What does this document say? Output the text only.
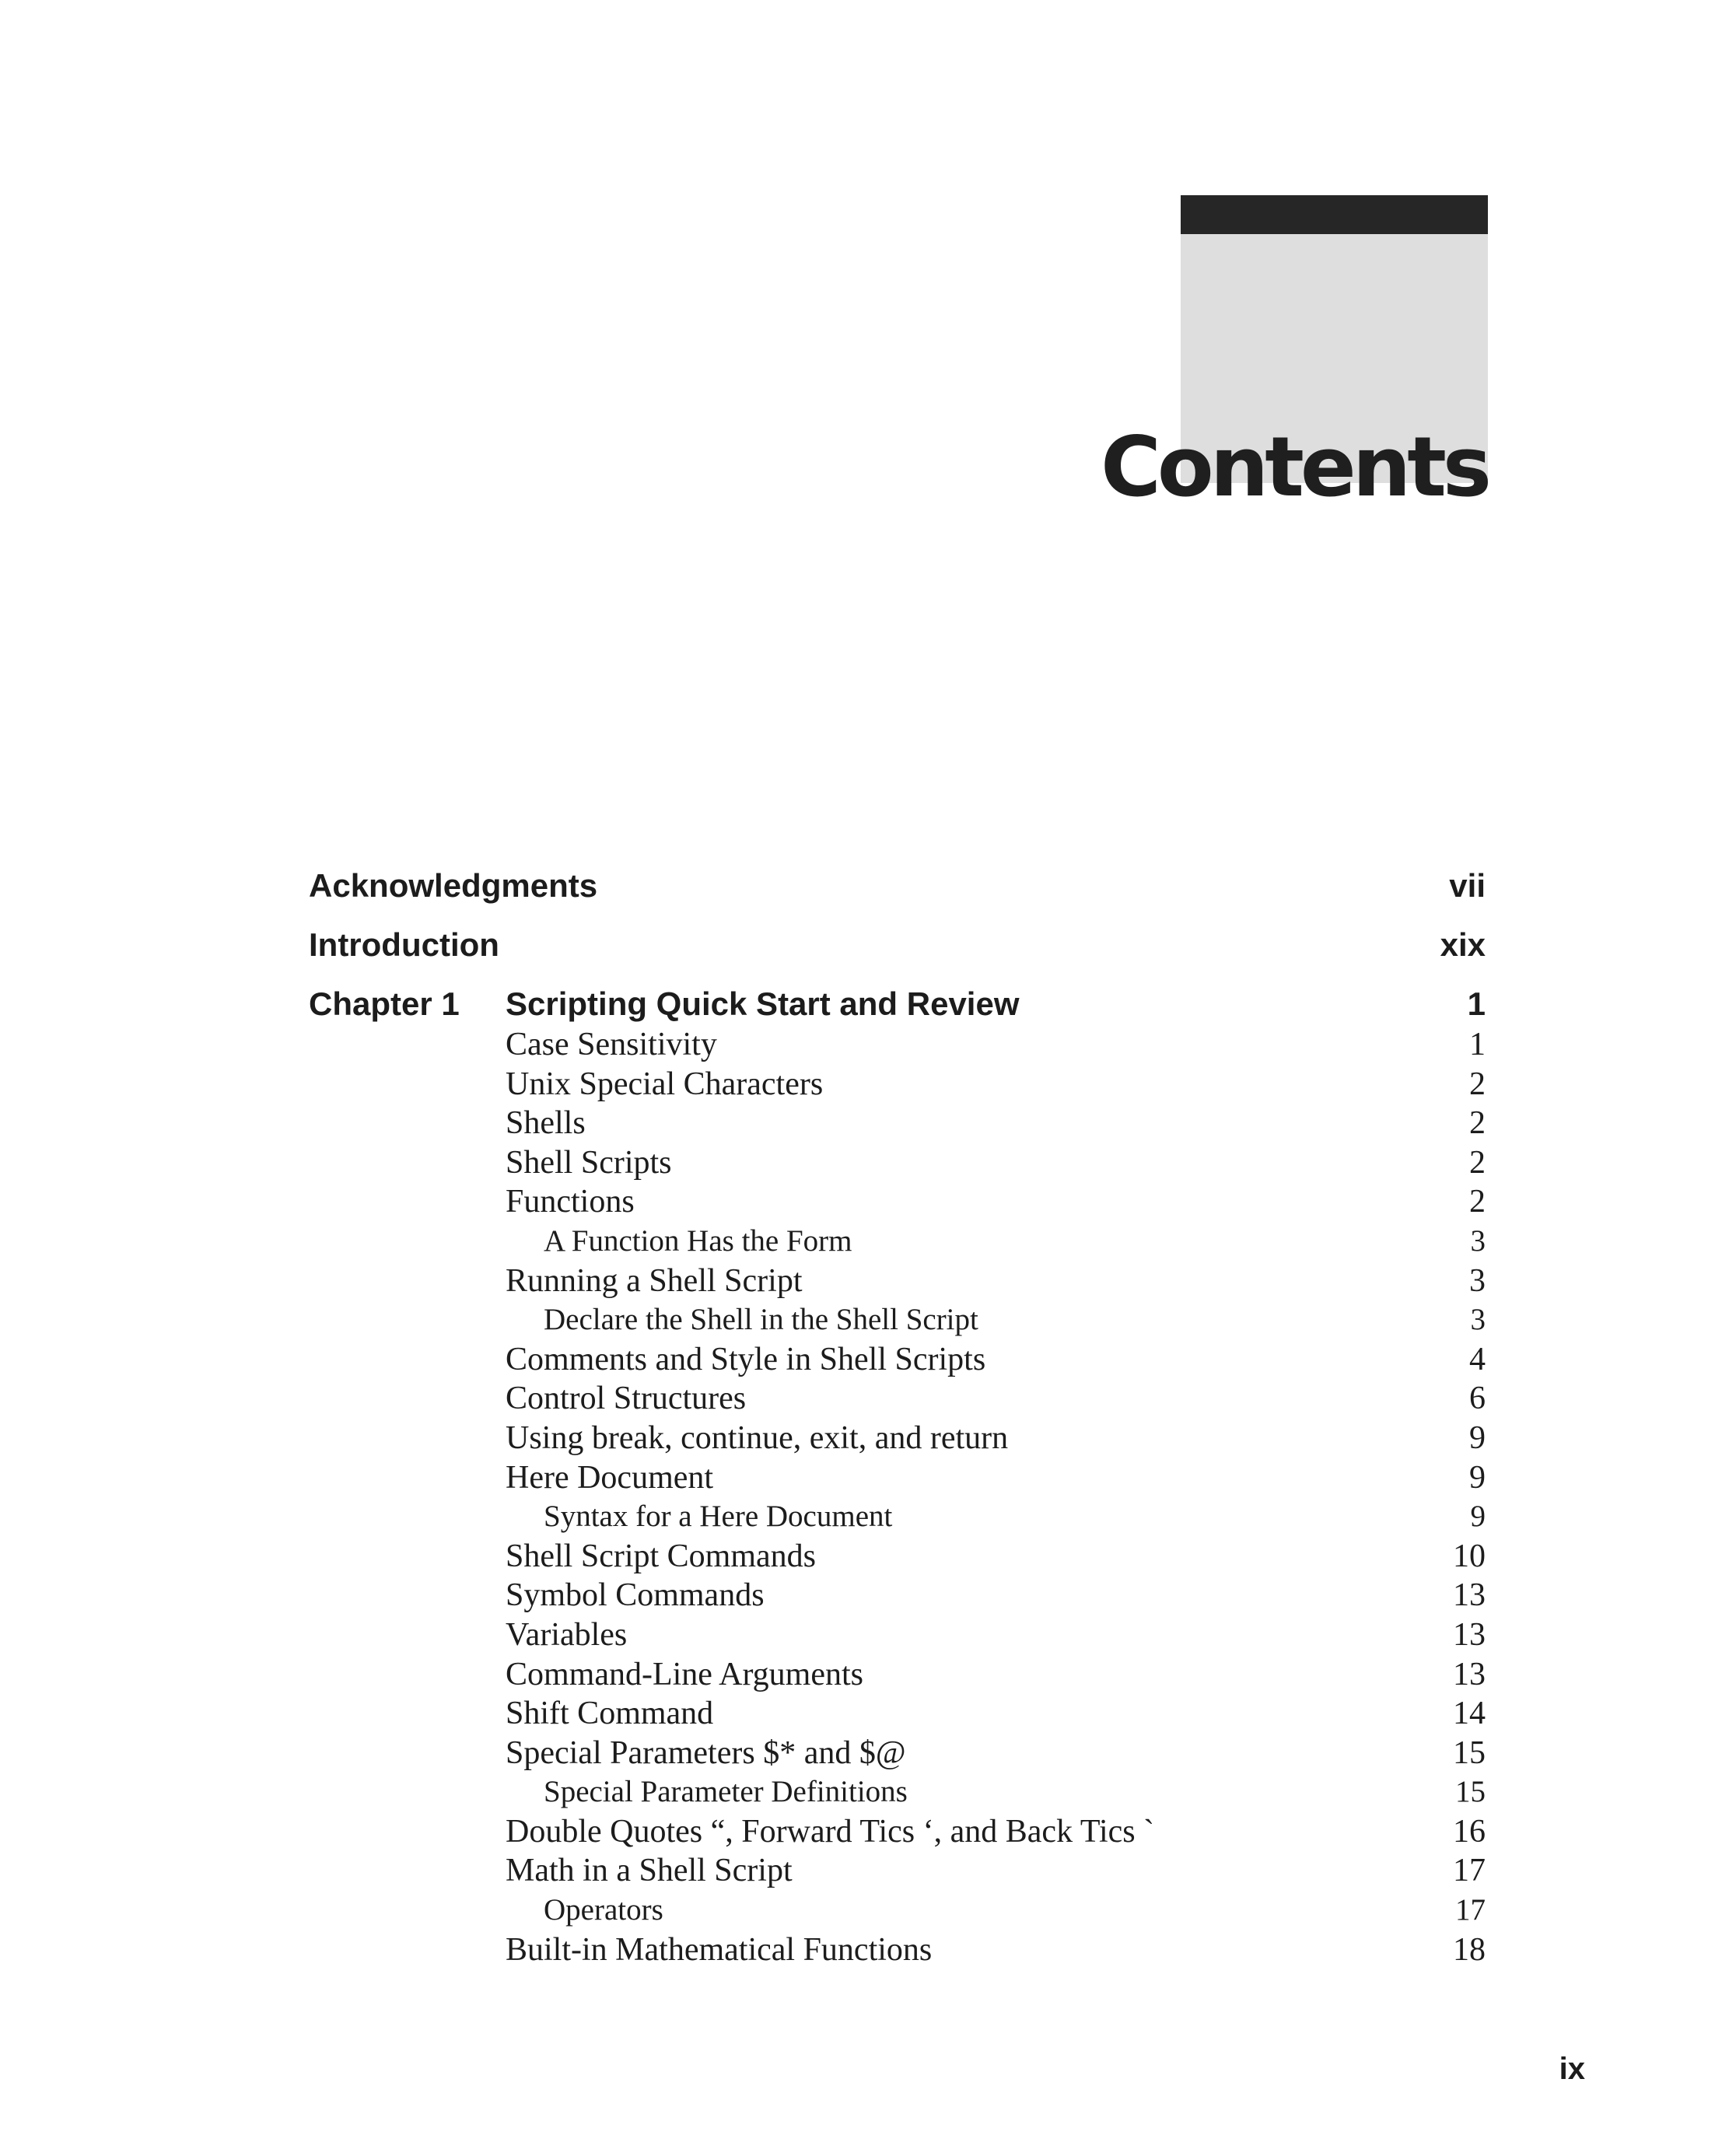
Contents
Acknowledgments	vii
Introduction	xix
Chapter 1	Scripting Quick Start and Review	1
Case Sensitivity	1
Unix Special Characters	2
Shells	2
Shell Scripts	2
Functions	2
A Function Has the Form	3
Running a Shell Script	3
Declare the Shell in the Shell Script	3
Comments and Style in Shell Scripts	4
Control Structures	6
Using break, continue, exit, and return	9
Here Document	9
Syntax for a Here Document	9
Shell Script Commands	10
Symbol Commands	13
Variables	13
Command-Line Arguments	13
Shift Command	14
Special Parameters $* and $@	15
Special Parameter Definitions	15
Double Quotes “, Forward Tics ‘, and Back Tics `	16
Math in a Shell Script	17
Operators	17
Built-in Mathematical Functions	18
ix
